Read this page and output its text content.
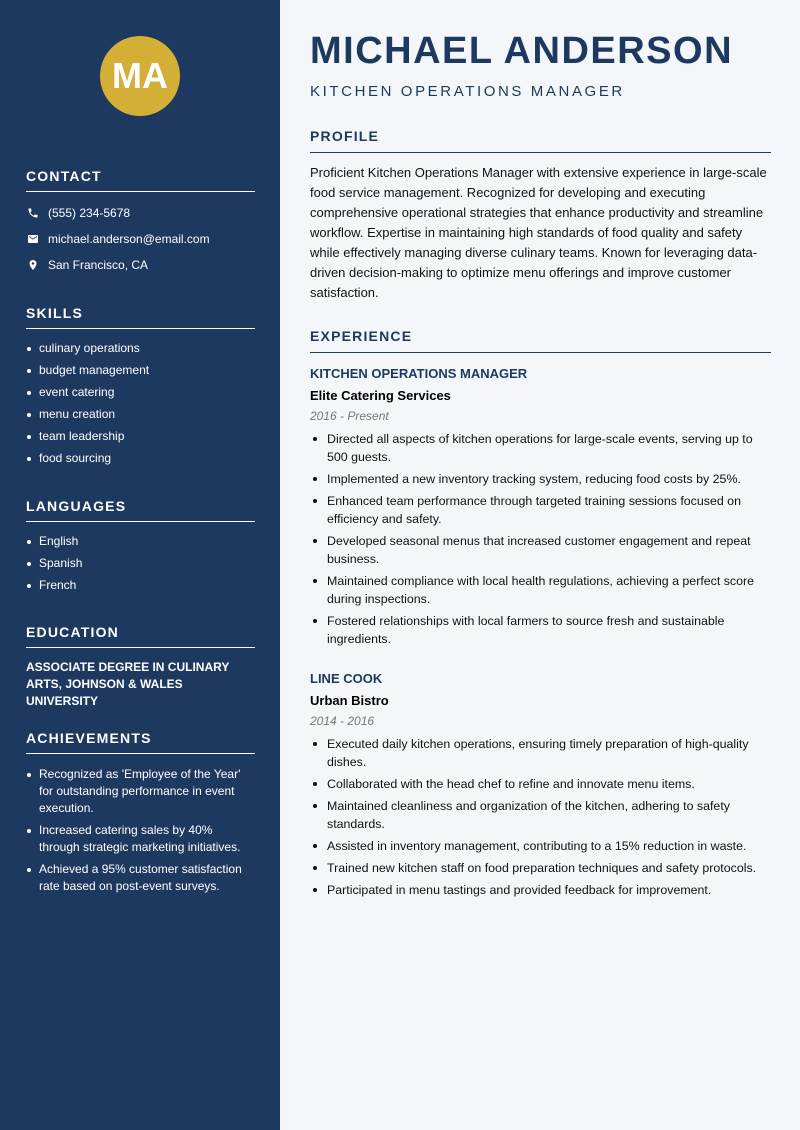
MA
CONTACT
(555) 234-5678
michael.anderson@email.com
San Francisco, CA
SKILLS
culinary operations
budget management
event catering
menu creation
team leadership
food sourcing
LANGUAGES
English
Spanish
French
EDUCATION
ASSOCIATE DEGREE IN CULINARY ARTS, JOHNSON & WALES UNIVERSITY
ACHIEVEMENTS
Recognized as 'Employee of the Year' for outstanding performance in event execution.
Increased catering sales by 40% through strategic marketing initiatives.
Achieved a 95% customer satisfaction rate based on post-event surveys.
MICHAEL ANDERSON
KITCHEN OPERATIONS MANAGER
PROFILE

Proficient Kitchen Operations Manager with extensive experience in large-scale food service management. Recognized for developing and executing comprehensive operational strategies that enhance productivity and streamline workflow. Expertise in maintaining high standards of food quality and safety while effectively managing diverse culinary teams. Known for leveraging data-driven decision-making to optimize menu offerings and improve customer satisfaction.

EXPERIENCE
KITCHEN OPERATIONS MANAGER
Elite Catering Services
2016 - Present
Directed all aspects of kitchen operations for large-scale events, serving up to 500 guests.
Implemented a new inventory tracking system, reducing food costs by 25%.
Enhanced team performance through targeted training sessions focused on efficiency and safety.
Developed seasonal menus that increased customer engagement and repeat business.
Maintained compliance with local health regulations, achieving a perfect score during inspections.
Fostered relationships with local farmers to source fresh and sustainable ingredients.
LINE COOK
Urban Bistro
2014 - 2016
Executed daily kitchen operations, ensuring timely preparation of high-quality dishes.
Collaborated with the head chef to refine and innovate menu items.
Maintained cleanliness and organization of the kitchen, adhering to safety standards.
Assisted in inventory management, contributing to a 15% reduction in waste.
Trained new kitchen staff on food preparation techniques and safety protocols.
Participated in menu tastings and provided feedback for improvement.
